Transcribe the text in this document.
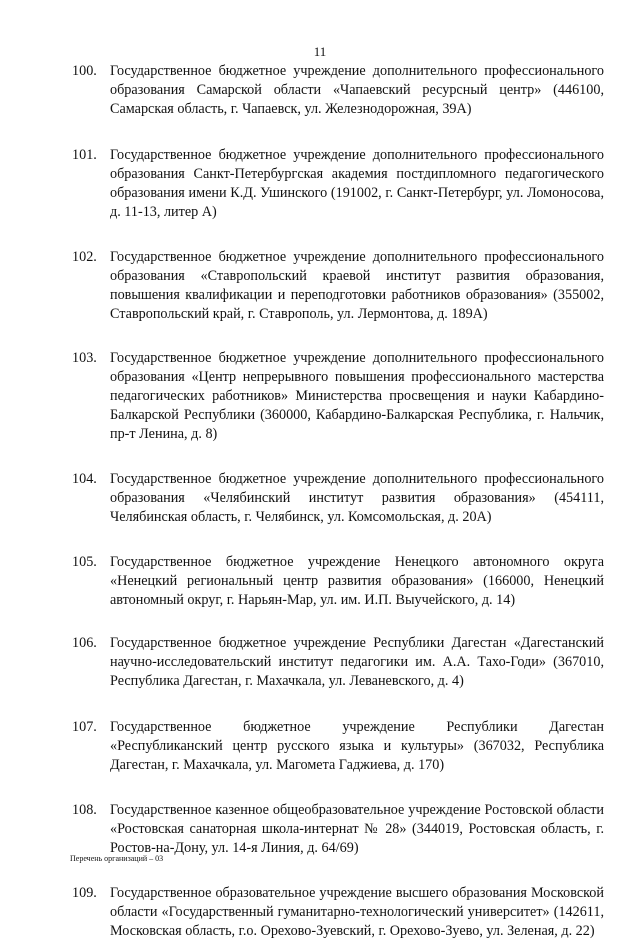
11
100. Государственное бюджетное учреждение дополнительного профессионального образования Самарской области «Чапаевский ресурсный центр» (446100, Самарская область, г. Чапаевск, ул. Железнодорожная, 39А)
101. Государственное бюджетное учреждение дополнительного профессионального образования Санкт-Петербургская академия постдипломного педагогического образования имени К.Д. Ушинского (191002, г. Санкт-Петербург, ул. Ломоносова, д. 11-13, литер А)
102. Государственное бюджетное учреждение дополнительного профессионального образования «Ставропольский краевой институт развития образования, повышения квалификации и переподготовки работников образования» (355002, Ставропольский край, г. Ставрополь, ул. Лермонтова, д. 189А)
103. Государственное бюджетное учреждение дополнительного профессионального образования «Центр непрерывного повышения профессионального мастерства педагогических работников» Министерства просвещения и науки Кабардино-Балкарской Республики (360000, Кабардино-Балкарская Республика, г. Нальчик, пр-т Ленина, д. 8)
104. Государственное бюджетное учреждение дополнительного профессионального образования «Челябинский институт развития образования» (454111, Челябинская область, г. Челябинск, ул. Комсомольская, д. 20А)
105. Государственное бюджетное учреждение Ненецкого автономного округа «Ненецкий региональный центр развития образования» (166000, Ненецкий автономный округ, г. Нарьян-Мар, ул. им. И.П. Выучейского, д. 14)
106. Государственное бюджетное учреждение Республики Дагестан «Дагестанский научно-исследовательский институт педагогики им. А.А. Тахо-Годи» (367010, Республика Дагестан, г. Махачкала, ул. Леваневского, д. 4)
107. Государственное бюджетное учреждение Республики Дагестан «Республиканский центр русского языка и культуры» (367032, Республика Дагестан, г. Махачкала, ул. Магомета Гаджиева, д. 170)
108. Государственное казенное общеобразовательное учреждение Ростовской области «Ростовская санаторная школа-интернат № 28» (344019, Ростовская область, г. Ростов-на-Дону, ул. 14-я Линия, д. 64/69)
109. Государственное образовательное учреждение высшего образования Московской области «Государственный гуманитарно-технологический университет» (142611, Московская область, г.о. Орехово-Зуевский, г. Орехово-Зуево, ул. Зеленая, д. 22)
Перечень организаций – 03
